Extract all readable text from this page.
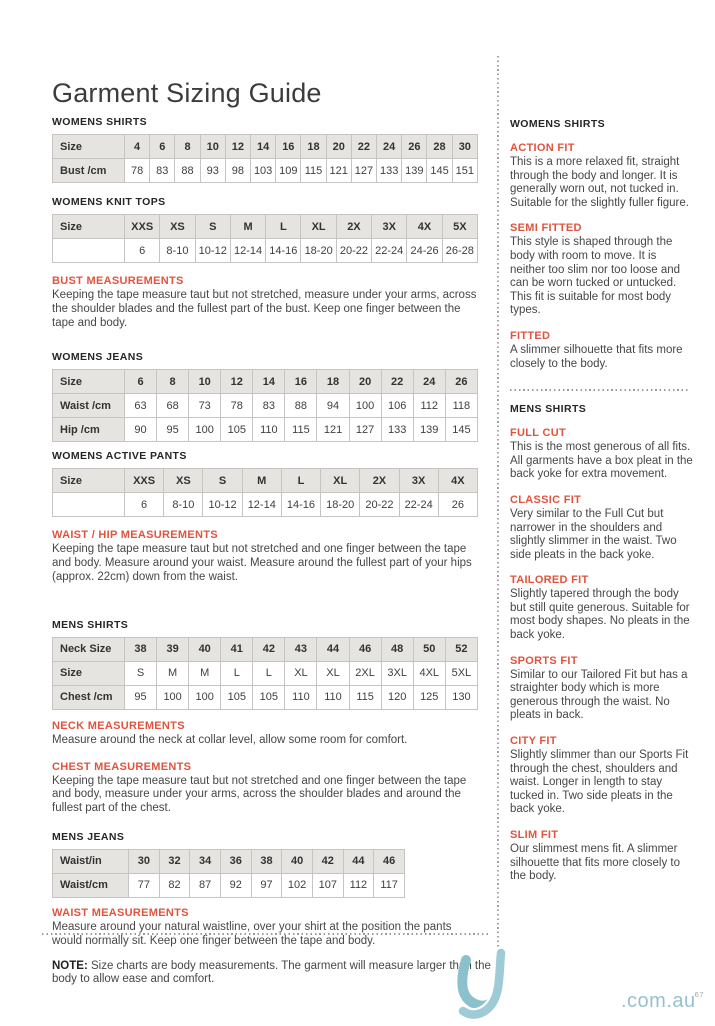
Garment Sizing Guide
WOMENS SHIRTS
Size	4	6	8	10	12	14	16	18	20	22	24	26	28	30
Bust /cm	78	83	88	93	98	103	109	115	121	127	133	139	145	151
WOMENS KNIT TOPS
Size	XXS	XS	S	M	L	XL	2X	3X	4X	5X
	6	8-10	10-12	12-14	14-16	18-20	20-22	22-24	24-26	26-28
BUST MEASUREMENTS

Keeping the tape measure taut but not stretched, measure under your arms, across the shoulder blades and the fullest part of the bust. Keep one finger between the tape and body.

WOMENS JEANS
Size	6	8	10	12	14	16	18	20	22	24	26
Waist /cm	63	68	73	78	83	88	94	100	106	112	118
Hip /cm	90	95	100	105	110	115	121	127	133	139	145
WOMENS ACTIVE PANTS
Size	XXS	XS	S	M	L	XL	2X	3X	4X
	6	8-10	10-12	12-14	14-16	18-20	20-22	22-24	26
WAIST / HIP MEASUREMENTS

Keeping the tape measure taut but not stretched and one finger between the tape and body. Measure around your waist. Measure around the fullest part of your hips (approx. 22cm) down from the waist.

MENS SHIRTS
Neck Size	38	39	40	41	42	43	44	46	48	50	52
Size	S	M	M	L	L	XL	XL	2XL	3XL	4XL	5XL
Chest /cm	95	100	100	105	105	110	110	115	120	125	130
NECK MEASUREMENTS

Measure around the neck at collar level, allow some room for comfort.

CHEST MEASUREMENTS

Keeping the tape measure taut but not stretched and one finger between the tape and body, measure under your arms, across the shoulder blades and around the fullest part of the chest.

MENS JEANS
Waist/in	30	32	34	36	38	40	42	44	46
Waist/cm	77	82	87	92	97	102	107	112	117
WAIST MEASUREMENTS

Measure around your natural waistline, over your shirt at the position the pants would normally sit. Keep one finger between the tape and body.

NOTE: Size charts are body measurements. The garment will measure larger than the body to allow ease and comfort.

WOMENS SHIRTS
ACTION FIT

This is a more relaxed fit, straight through the body and longer. It is generally worn out, not tucked in. Suitable for the slightly fuller figure.

SEMI FITTED

This style is shaped through the body with room to move. It is neither too slim nor too loose and can be worn tucked or untucked. This fit is suitable for most body types.

FITTED

A slimmer silhouette that fits more closely to the body.

MENS SHIRTS
FULL CUT

This is the most generous of all fits. All garments have a box pleat in the back yoke for extra movement.

CLASSIC FIT

Very similar to the Full Cut but narrower in the shoulders and slightly slimmer in the waist. Two side pleats in the back yoke.

TAILORED FIT

Slightly tapered through the body but still quite generous. Suitable for most body shapes. No pleats in the back yoke.

SPORTS FIT

Similar to our Tailored Fit but has a straighter body which is more generous through the waist. No pleats in back.

CITY FIT

Slightly slimmer than our Sports Fit through the chest, shoulders and waist. Longer in length to stay tucked in. Two side pleats in the back yoke.

SLIM FIT

Our slimmest mens fit. A slimmer silhouette that fits more closely to the body.

$.com.au^{67}$
